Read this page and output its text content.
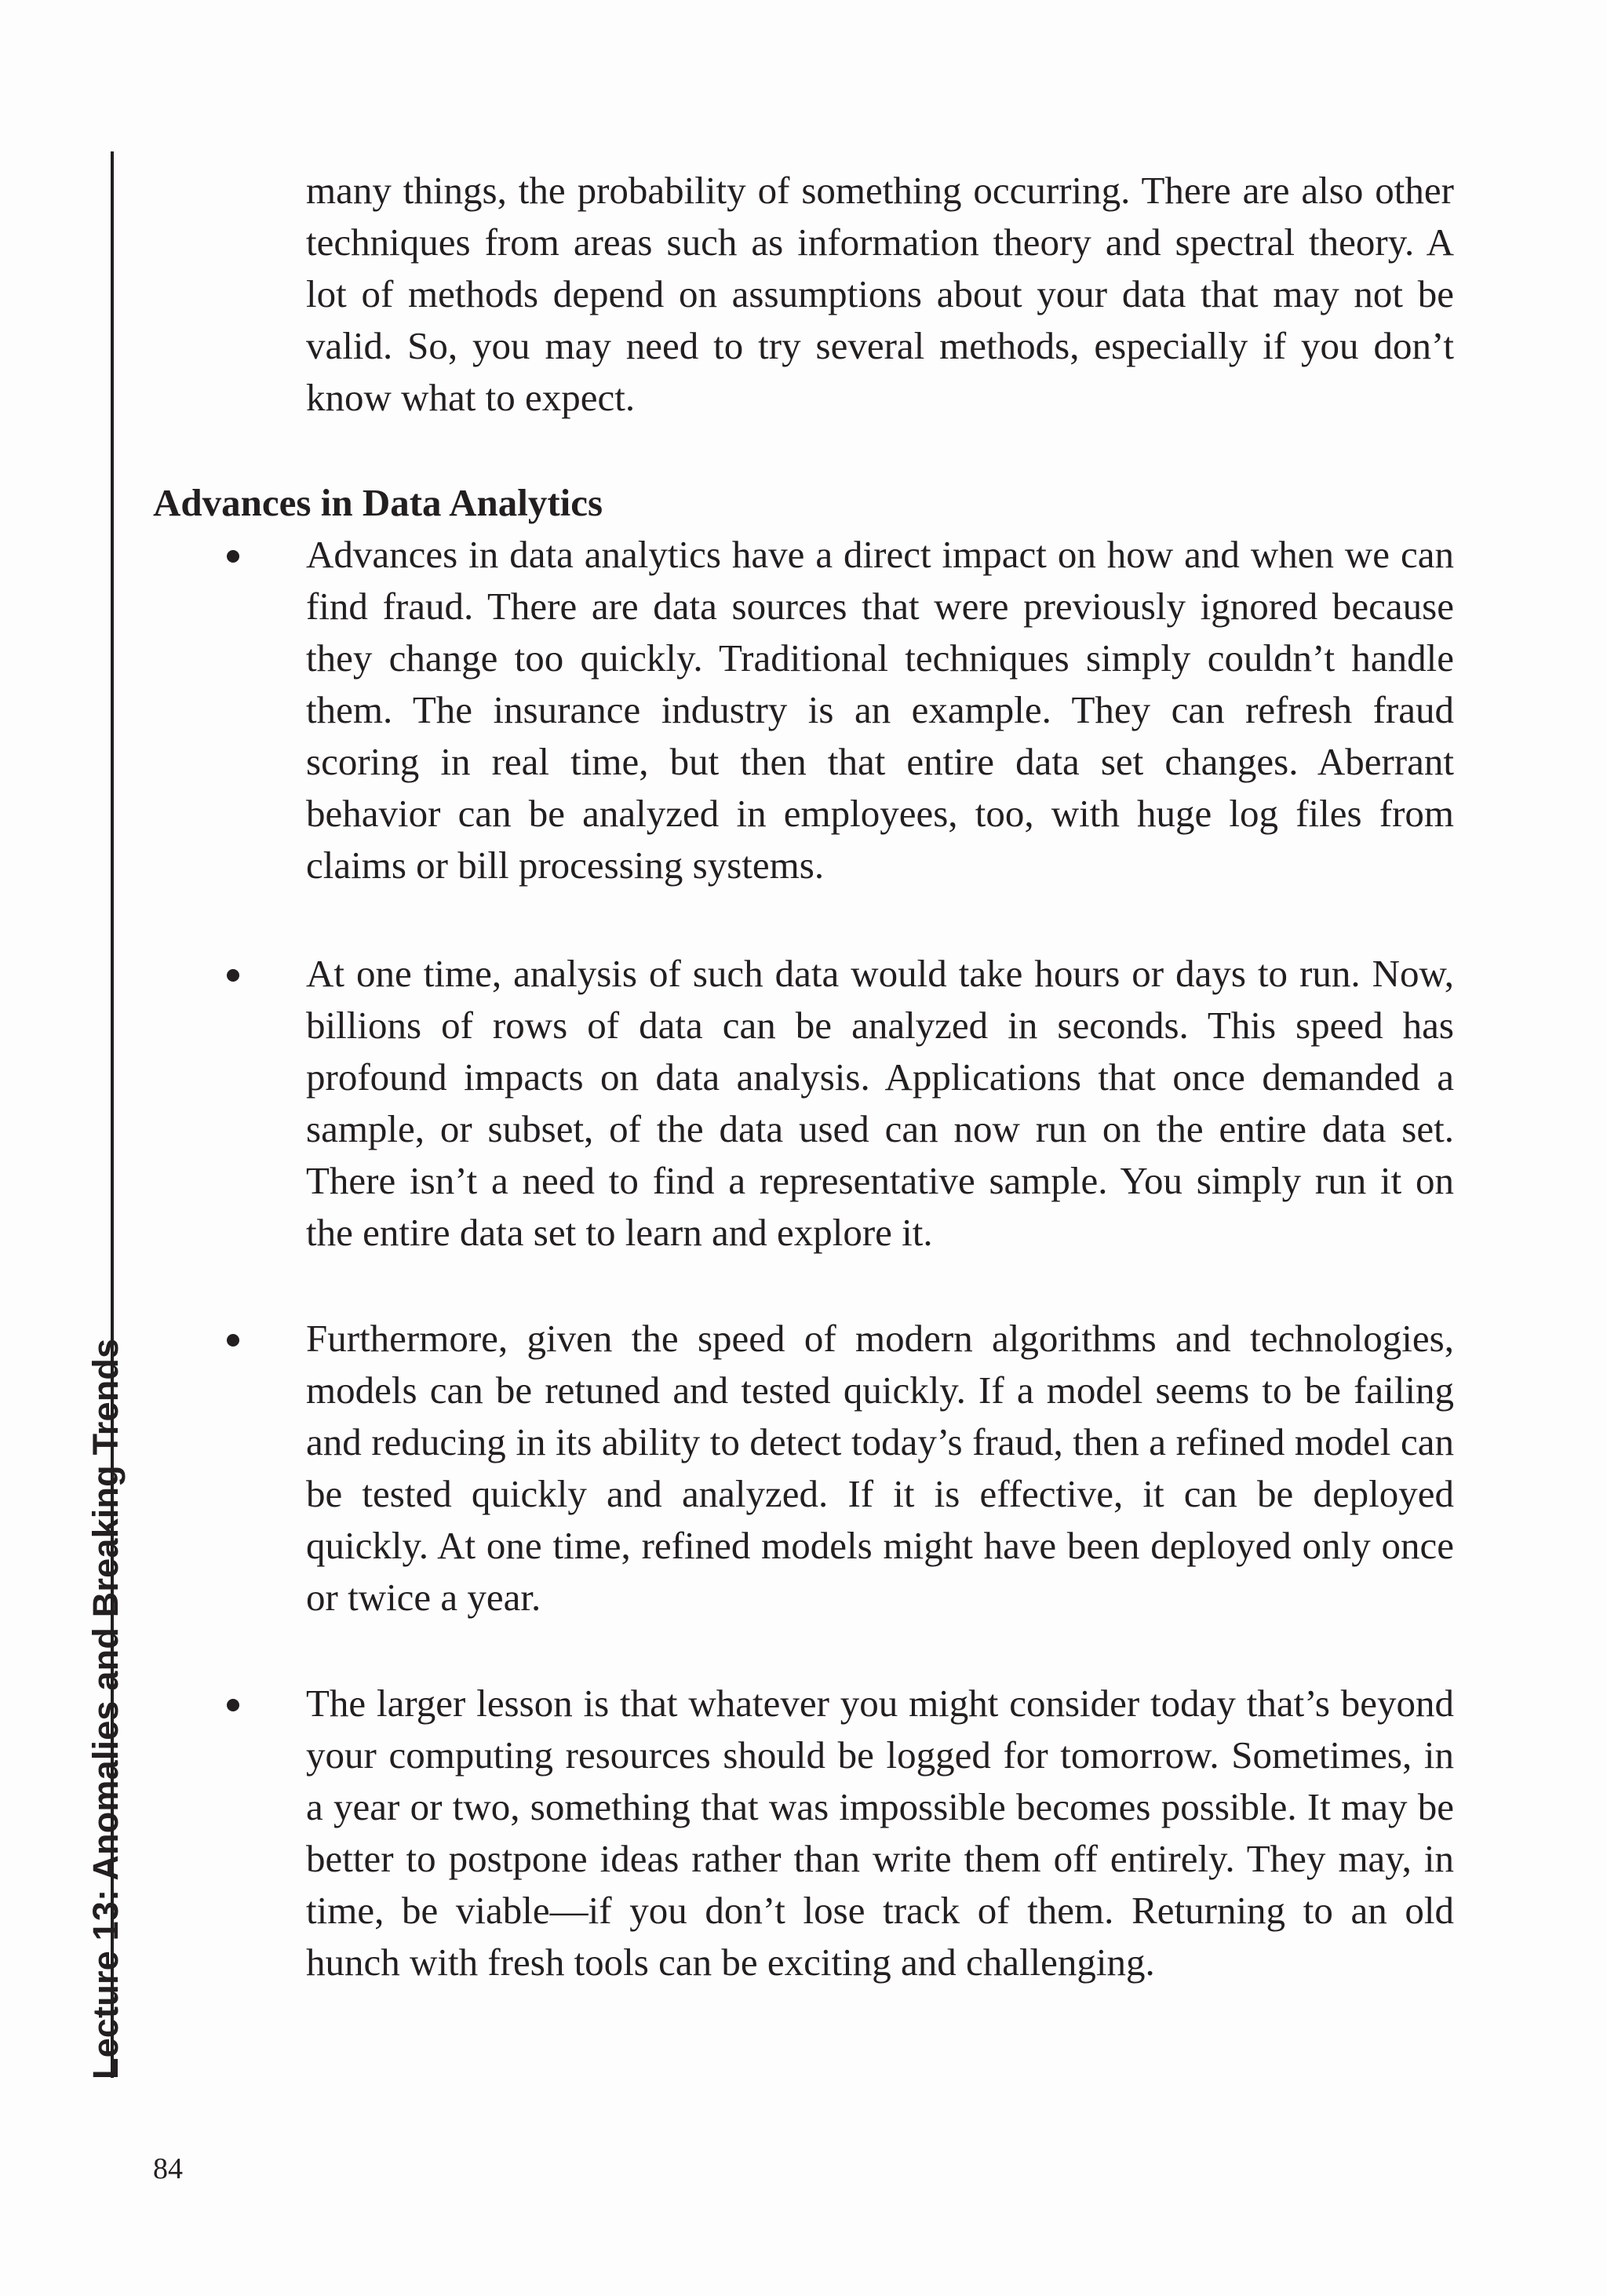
Lecture 13: Anomalies and Breaking Trends

many things, the probability of something occurring. There are also other techniques from areas such as information theory and spectral theory. A lot of methods depend on assumptions about your data that may not be valid. So, you may need to try several methods, especially if you don’t know what to expect.

Advances in Data Analytics

Advances in data analytics have a direct impact on how and when we can find fraud. There are data sources that were previously ignored because they change too quickly. Traditional techniques simply couldn’t handle them. The insurance industry is an example. They can refresh fraud scoring in real time, but then that entire data set changes. Aberrant behavior can be analyzed in employees, too, with huge log files from claims or bill processing systems.

At one time, analysis of such data would take hours or days to run. Now, billions of rows of data can be analyzed in seconds. This speed has profound impacts on data analysis. Applications that once demanded a sample, or subset, of the data used can now run on the entire data set. There isn’t a need to find a representative sample. You simply run it on the entire data set to learn and explore it.

Furthermore, given the speed of modern algorithms and technologies, models can be retuned and tested quickly. If a model seems to be failing and reducing in its ability to detect today’s fraud, then a refined model can be tested quickly and analyzed. If it is effective, it can be deployed quickly. At one time, refined models might have been deployed only once or twice a year.

The larger lesson is that whatever you might consider today that’s beyond your computing resources should be logged for tomorrow. Sometimes, in a year or two, something that was impossible becomes possible. It may be better to postpone ideas rather than write them off entirely. They may, in time, be viable—if you don’t lose track of them. Returning to an old hunch with fresh tools can be exciting and challenging.

84
